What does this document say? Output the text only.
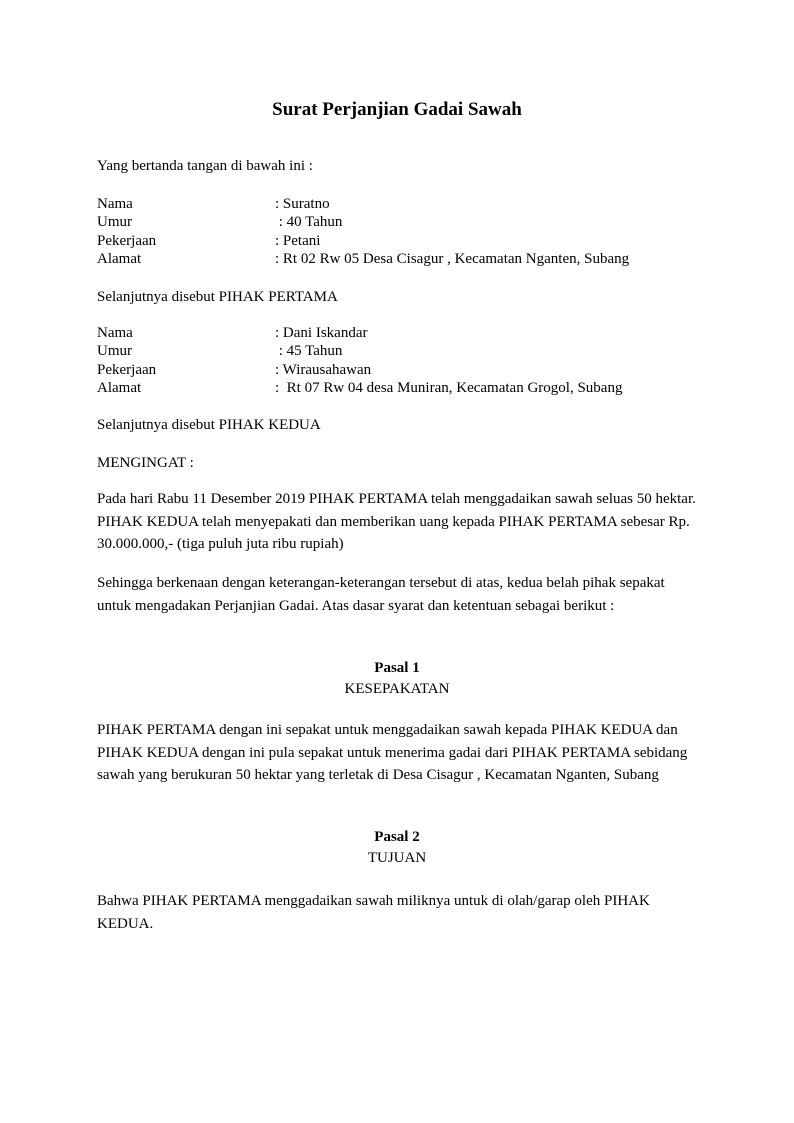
Surat Perjanjian Gadai Sawah
Yang bertanda tangan di bawah ini :
Nama	: Suratno
Umur	: 40 Tahun
Pekerjaan	: Petani
Alamat	: Rt 02 Rw 05 Desa Cisagur , Kecamatan Nganten, Subang
Selanjutnya disebut PIHAK PERTAMA
Nama	: Dani Iskandar
Umur	: 45 Tahun
Pekerjaan	: Wirausahawan
Alamat	:  Rt 07 Rw 04 desa Muniran, Kecamatan Grogol, Subang
Selanjutnya disebut PIHAK KEDUA
MENGINGAT :
Pada hari Rabu 11 Desember 2019 PIHAK PERTAMA telah menggadaikan sawah seluas 50 hektar. PIHAK KEDUA telah menyepakati dan memberikan uang kepada PIHAK PERTAMA sebesar Rp. 30.000.000,- (tiga puluh juta ribu rupiah)
Sehingga berkenaan dengan keterangan-keterangan tersebut di atas, kedua belah pihak sepakat untuk mengadakan Perjanjian Gadai. Atas dasar syarat dan ketentuan sebagai berikut :
Pasal 1
KESEPAKATAN
PIHAK PERTAMA dengan ini sepakat untuk menggadaikan sawah kepada PIHAK KEDUA dan PIHAK KEDUA dengan ini pula sepakat untuk menerima gadai dari PIHAK PERTAMA sebidang sawah yang berukuran 50 hektar yang terletak di Desa Cisagur , Kecamatan Nganten, Subang
Pasal 2
TUJUAN
Bahwa PIHAK PERTAMA menggadaikan sawah miliknya untuk di olah/garap oleh PIHAK KEDUA.
